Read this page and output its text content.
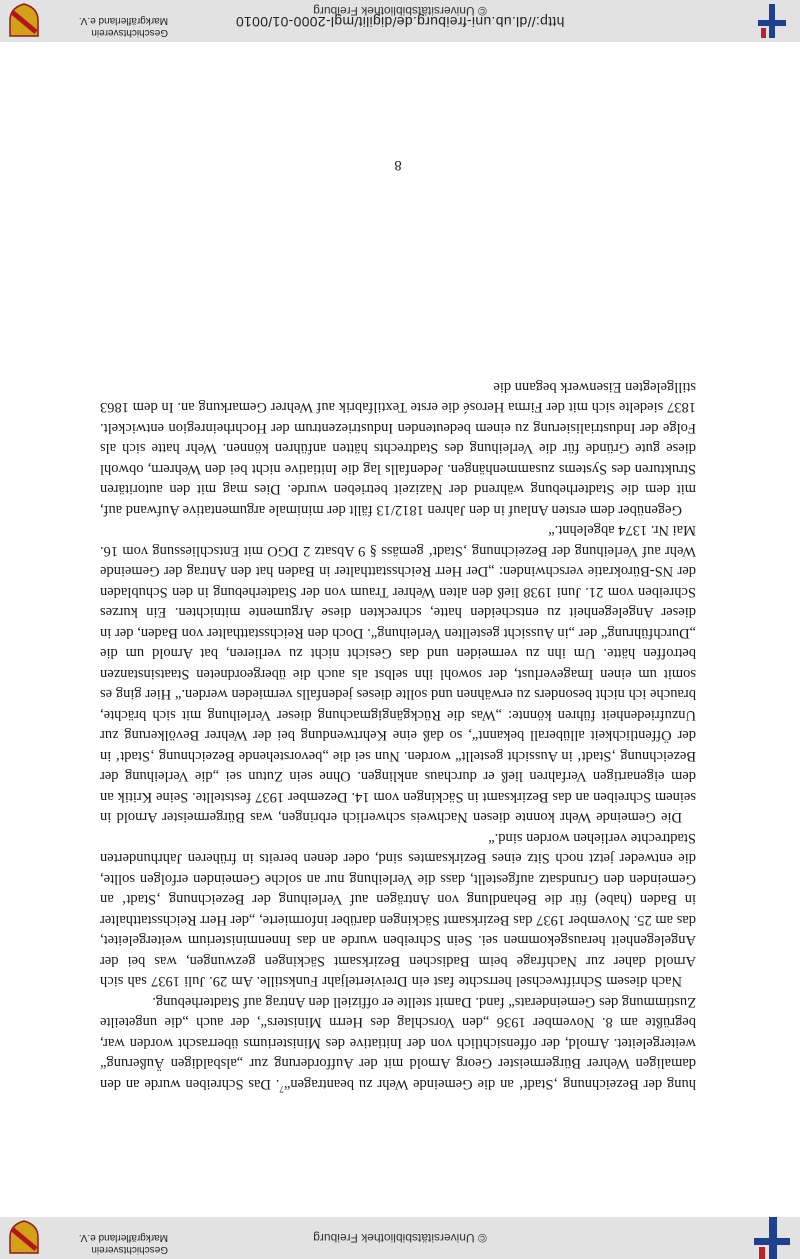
http://dl.ub.uni-freiburg.de/digilit/mgl-2000-01/0010
Geschichtsverein
Markgräflerland e.V.
© Universitätsbibliothek Freiburg

hung der Bezeichnung ‚Stadt‘ an die Gemeinde Wehr zu beantragen“$^7$. Das Schreiben wurde an den damaligen Wehrer Bürgermeister Georg Arnold mit der Aufforderung zur „alsbaldigen Äußerung“ weitergeleitet. Arnold, der offensichtlich von der Initiative des Ministeriums überrascht worden war, begrüßte am 8. November 1936 „den Vorschlag des Herrn Ministers“, der auch „die ungeteilte Zustimmung des Gemeinderats“ fand. Damit stellte er offiziell den Antrag auf Stadterhebung.

Nach diesem Schriftwechsel herrschte fast ein Dreivierteljahr Funkstille. Am 29. Juli 1937 sah sich Arnold daher zur Nachfrage beim Badischen Bezirksamt Säckingen gezwungen, was bei der Angelegenheit herausgekommen sei. Sein Schreiben wurde an das Innenministerium weitergeleitet, das am 25. November 1937 das Bezirksamt Säckingen darüber informierte, „der Herr Reichsstatthalter in Baden (habe) für die Behandlung von Anträgen auf Verleihung der Bezeichnung ‚Stadt‘ an Gemeinden den Grundsatz aufgestellt, dass die Verleihung nur an solche Gemeinden erfolgen sollte, die entweder jetzt noch Sitz eines Bezirksamtes sind, oder denen bereits in früheren Jahrhunderten Stadtrechte verliehen worden sind.“

Die Gemeinde Wehr konnte diesen Nachweis schwerlich erbringen, was Bürgermeister Arnold in seinem Schreiben an das Bezirksamt in Säckingen vom 14. Dezember 1937 feststellte. Seine Kritik an dem eigenartigen Verfahren ließ er durchaus anklingen. Ohne sein Zutun sei „die Verleihung der Bezeichnung ‚Stadt‘ in Aussicht gestellt“ worden. Nun sei die „bevorstehende Bezeichnung ‚Stadt‘ in der Öffentlichkeit allüberall bekannt“, so daß eine Kehrtwendung bei der Wehrer Bevölkerung zur Unzufriedenheit führen könnte: „Was die Rückgängigmachung dieser Verleihung mit sich brächte, brauche ich nicht besonders zu erwähnen und sollte dieses jedenfalls vermieden werden.“ Hier ging es somit um einen Imageverlust, der sowohl ihn selbst als auch die übergeordneten Staatsinstanzen betroffen hätte. Um ihn zu vermeiden und das Gesicht nicht zu verlieren, bat Arnold um die „Durchführung“ der „in Aussicht gestellten Verleihung“. Doch den Reichsstatthalter von Baden, der in dieser Angelegenheit zu entscheiden hatte, schreckten diese Argumente mitnichten. Ein kurzes Schreiben vom 21. Juni 1938 ließ den alten Wehrer Traum von der Stadterhebung in den Schubladen der NS-Bürokratie verschwinden: „Der Herr Reichsstatthalter in Baden hat den Antrag der Gemeinde Wehr auf Verleihung der Bezeichnung ‚Stadt‘ gemäss § 9 Absatz 2 DGO mit Entschliessung vom 16. Mai Nr. 1374 abgelehnt.“

Gegenüber dem ersten Anlauf in den Jahren 1812/13 fällt der minimale argumentative Aufwand auf, mit dem die Stadterhebung während der Nazizeit betrieben wurde. Dies mag mit den autoritären Strukturen des Systems zusammenhängen. Jedenfalls lag die Initiative nicht bei den Wehrern, obwohl diese gute Gründe für die Verleihung des Stadtrechts hätten anführen können. Wehr hatte sich als Folge der Industrialisierung zu einem bedeutenden Industriezentrum der Hochrheinregion entwickelt. 1837 siedelte sich mit der Firma Herosé die erste Textilfabrik auf Wehrer Gemarkung an. In dem 1863 stillgelegten Eisenwerk begann die

8
© Universitätsbibliothek Freiburg
Geschichtsverein
Markgräflerland e.V.
